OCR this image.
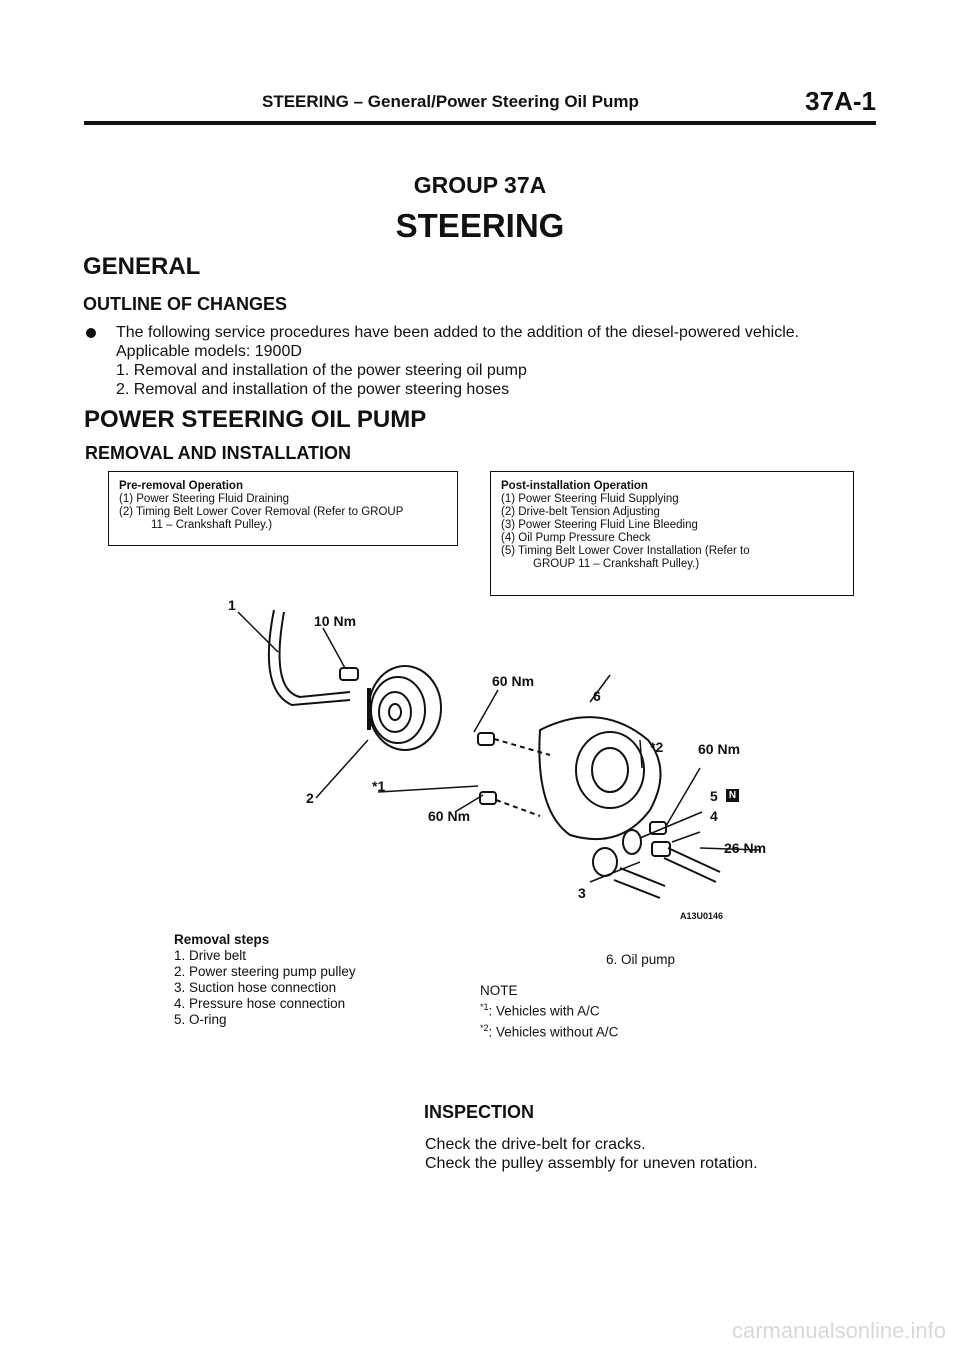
STEERING – General/Power Steering Oil Pump	37A-1
GROUP 37A
STEERING
GENERAL
OUTLINE OF CHANGES
The following service procedures have been added to the addition of the diesel-powered vehicle.
Applicable models: 1900D
1. Removal and installation of the power steering oil pump
2. Removal and installation of the power steering hoses
POWER STEERING OIL PUMP
REMOVAL AND INSTALLATION
Pre-removal Operation
(1) Power Steering Fluid Draining
(2) Timing Belt Lower Cover Removal (Refer to GROUP
11 – Crankshaft Pulley.)
Post-installation Operation
(1) Power Steering Fluid Supplying
(2) Drive-belt Tension Adjusting
(3) Power Steering Fluid Line Bleeding
(4) Oil Pump Pressure Check
(5) Timing Belt Lower Cover Installation (Refer to
GROUP 11 – Crankshaft Pulley.)
1
10 Nm
2
60 Nm
6
*2 60 Nm
*1
5 N
4
60 Nm
26 Nm
3
A13U0146
Removal steps
1. Drive belt
2. Power steering pump pulley
3. Suction hose connection
4. Pressure hose connection
5. O-ring
6. Oil pump
NOTE
$^{*1}$: Vehicles with A/C
$^{*2}$: Vehicles without A/C
INSPECTION
Check the drive-belt for cracks.
Check the pulley assembly for uneven rotation.
carmanualsonline.info
